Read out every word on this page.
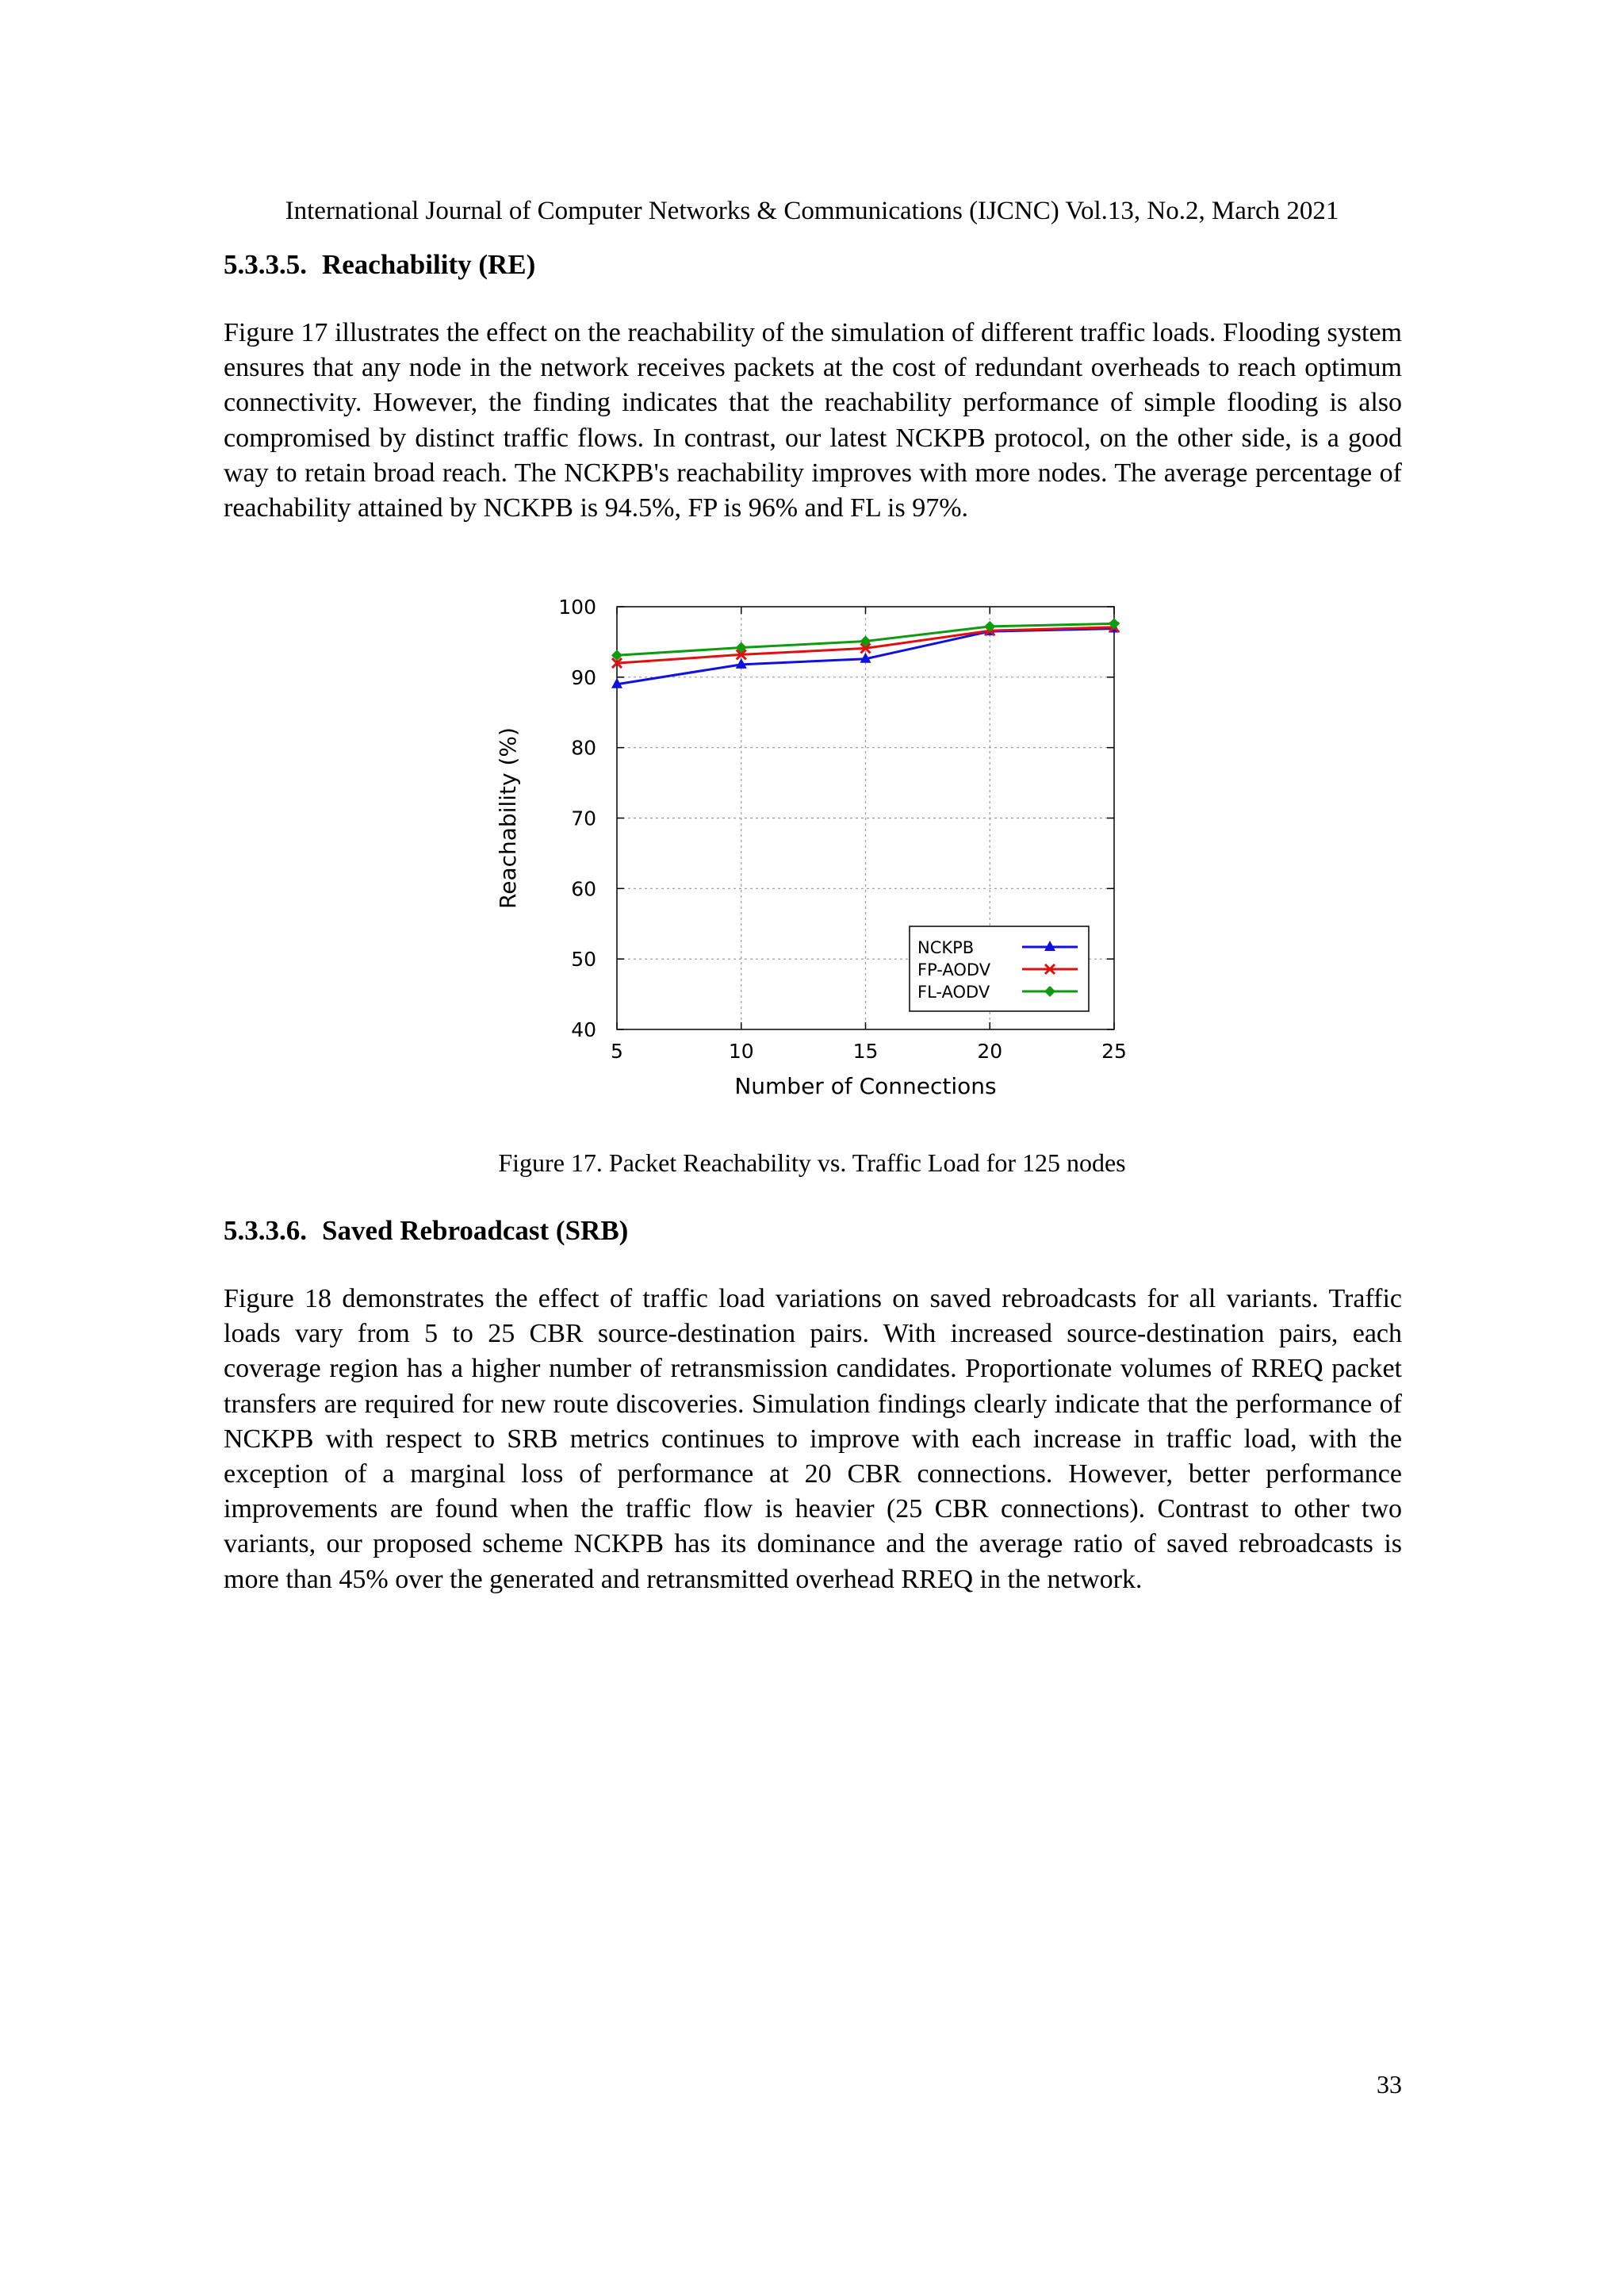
International Journal of Computer Networks & Communications (IJCNC) Vol.13, No.2, March 2021
5.3.3.5. Reachability (RE)

Figure 17 illustrates the effect on the reachability of the simulation of different traffic loads. Flooding system ensures that any node in the network receives packets at the cost of redundant overheads to reach optimum connectivity. However, the finding indicates that the reachability performance of simple flooding is also compromised by distinct traffic flows. In contrast, our latest NCKPB protocol, on the other side, is a good way to retain broad reach. The NCKPB's reachability improves with more nodes. The average percentage of reachability attained by NCKPB is 94.5%, FP is 96% and FL is 97%.

40
50
60
70
80
90
100
5	10	15	20	25
Number of Connections
Reachability (%)
NCKPB
FP-AODV
FL-AODV
Figure 17. Packet Reachability vs. Traffic Load for 125 nodes
5.3.3.6. Saved Rebroadcast (SRB)

Figure 18 demonstrates the effect of traffic load variations on saved rebroadcasts for all variants. Traffic loads vary from 5 to 25 CBR source-destination pairs. With increased source-destination pairs, each coverage region has a higher number of retransmission candidates. Proportionate volumes of RREQ packet transfers are required for new route discoveries. Simulation findings clearly indicate that the performance of NCKPB with respect to SRB metrics continues to improve with each increase in traffic load, with the exception of a marginal loss of performance at 20 CBR connections. However, better performance improvements are found when the traffic flow is heavier (25 CBR connections). Contrast to other two variants, our proposed scheme NCKPB has its dominance and the average ratio of saved rebroadcasts is more than 45% over the generated and retransmitted overhead RREQ in the network.

33
